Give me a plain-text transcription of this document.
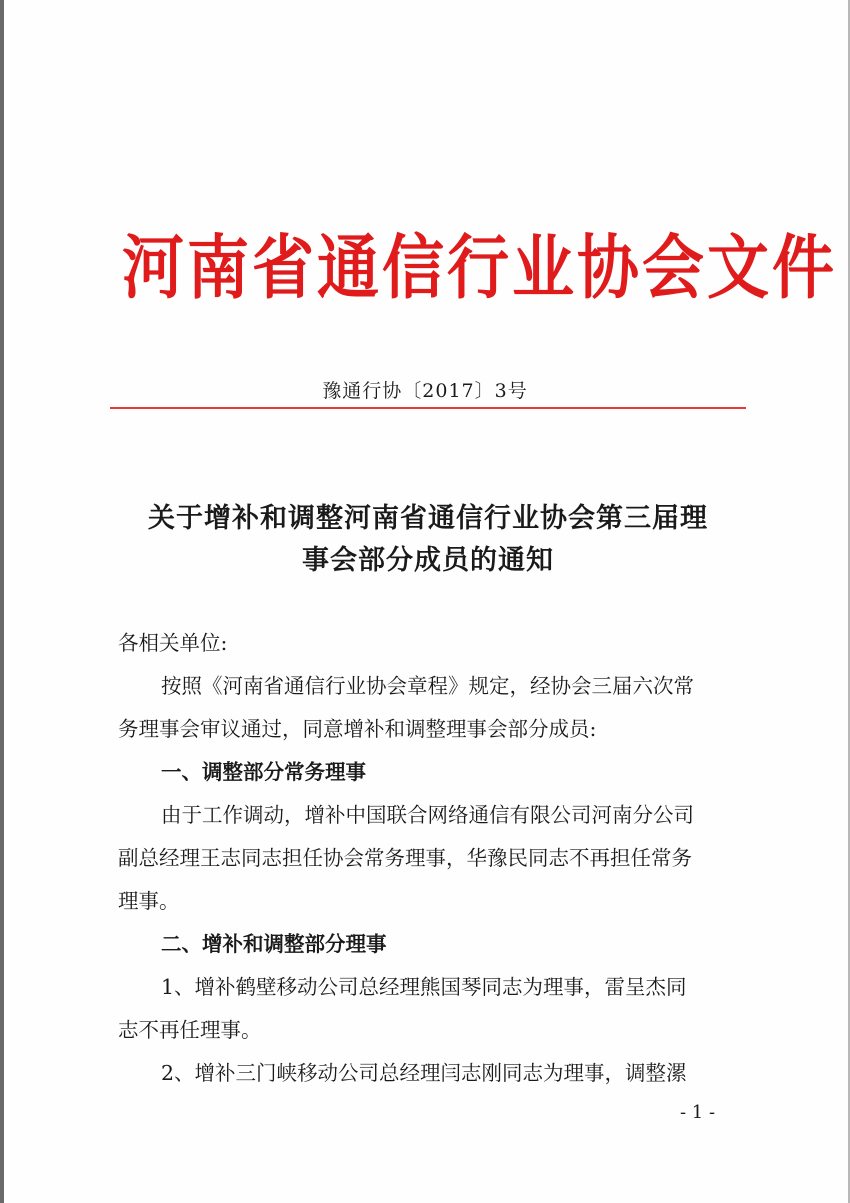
河南省通信行业协会文件
豫通行协〔2017〕3号
关于增补和调整河南省通信行业协会第三届理
事会部分成员的通知

各相关单位:

按照《河南省通信行业协会章程》规定，经协会三届六次常

务理事会审议通过，同意增补和调整理事会部分成员:

一、调整部分常务理事

由于工作调动，增补中国联合网络通信有限公司河南分公司

副总经理王志同志担任协会常务理事，华豫民同志不再担任常务

理事。

二、增补和调整部分理事

1、增补鹤壁移动公司总经理熊国琴同志为理事，雷呈杰同

志不再任理事。

2、增补三门峡移动公司总经理闫志刚同志为理事，调整漯

- 1 -
